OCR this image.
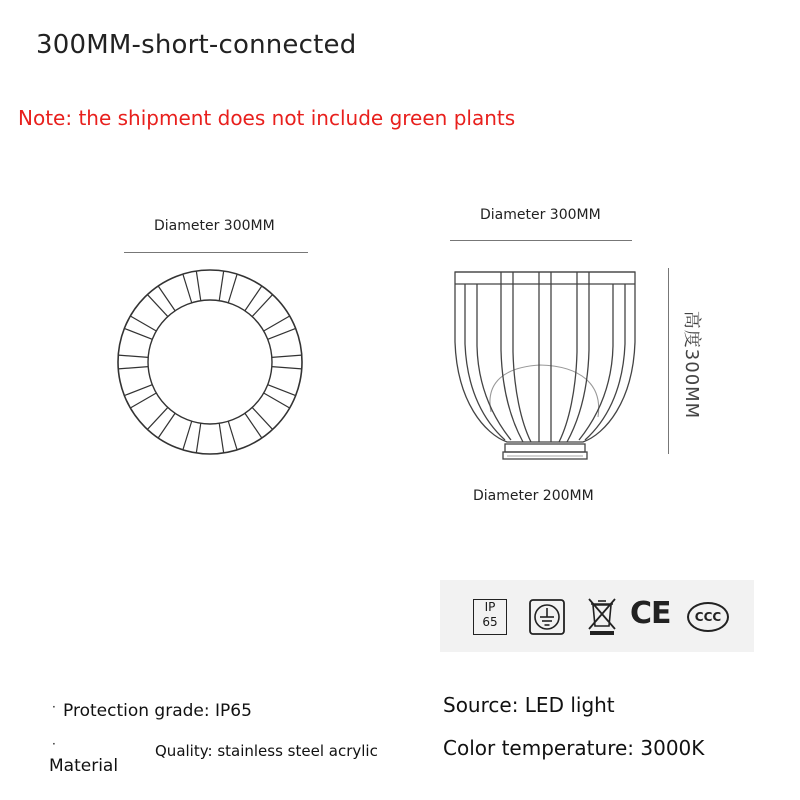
300MM-short-connected
Note: the shipment does not include green plants
Diameter 300MM
Diameter 300MM
高度300MM
Diameter 200MM
IP
65	CE	CCC
· Protection grade: IP65	Source: LED light
·	Quality: stainless steel acrylic
Material
Color temperature: 3000K
